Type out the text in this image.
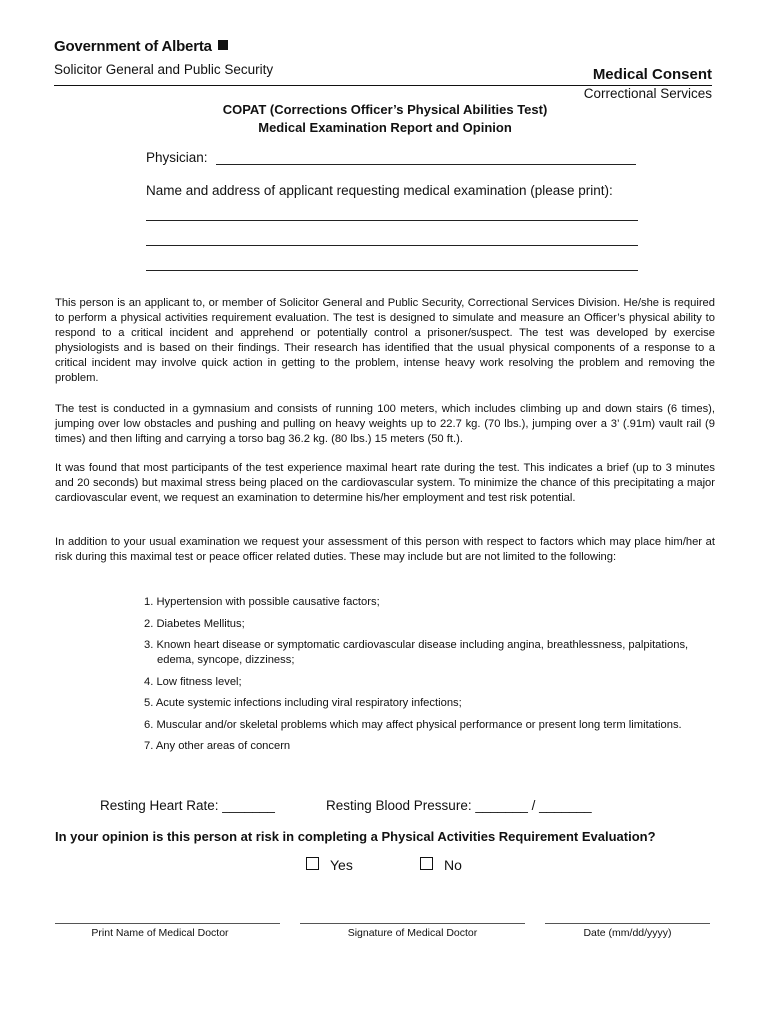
Government of Alberta
Solicitor General and Public Security	Medical Consent
Correctional Services
COPAT (Corrections Officer’s Physical Abilities Test)
Medical Examination Report and Opinion
Physician:
Name and address of applicant requesting medical examination (please print):

This person is an applicant to, or member of Solicitor General and Public Security, Correctional Services Division. He/she is required to perform a physical activities requirement evaluation. The test is designed to simulate and measure an Officer’s physical ability to respond to a critical incident and apprehend or potentially control a prisoner/suspect. The test was developed by exercise physiologists and is based on their findings. Their research has identified that the usual physical components of a response to a critical incident may involve quick action in getting to the problem, intense heavy work resolving the problem and removing the problem.

The test is conducted in a gymnasium and consists of running 100 meters, which includes climbing up and down stairs (6 times), jumping over low obstacles and pushing and pulling on heavy weights up to 22.7 kg. (70 lbs.), jumping over a 3’ (.91m) vault rail (9 times) and then lifting and carrying a torso bag 36.2 kg. (80 lbs.) 15 meters (50 ft.).

It was found that most participants of the test experience maximal heart rate during the test. This indicates a brief (up to 3 minutes and 20 seconds) but maximal stress being placed on the cardiovascular system. To minimize the chance of this precipitating a major cardiovascular event, we request an examination to determine his/her employment and test risk potential.

In addition to your usual examination we request your assessment of this person with respect to factors which may place him/her at risk during this maximal test or peace officer related duties. These may include but are not limited to the following:

1. Hypertension with possible causative factors;
2. Diabetes Mellitus;
3. Known heart disease or symptomatic cardiovascular disease including angina, breathlessness, palpitations, edema, syncope, dizziness;
4. Low fitness level;
5. Acute systemic infections including viral respiratory infections;
6. Muscular and/or skeletal problems which may affect physical performance or present long term limitations.
7. Any other areas of concern
Resting Heart Rate: _______	Resting Blood Pressure: _______ / _______
In your opinion is this person at risk in completing a Physical Activities Requirement Evaluation?
Yes	No
Print Name of Medical Doctor	Signature of Medical Doctor	Date (mm/dd/yyyy)
